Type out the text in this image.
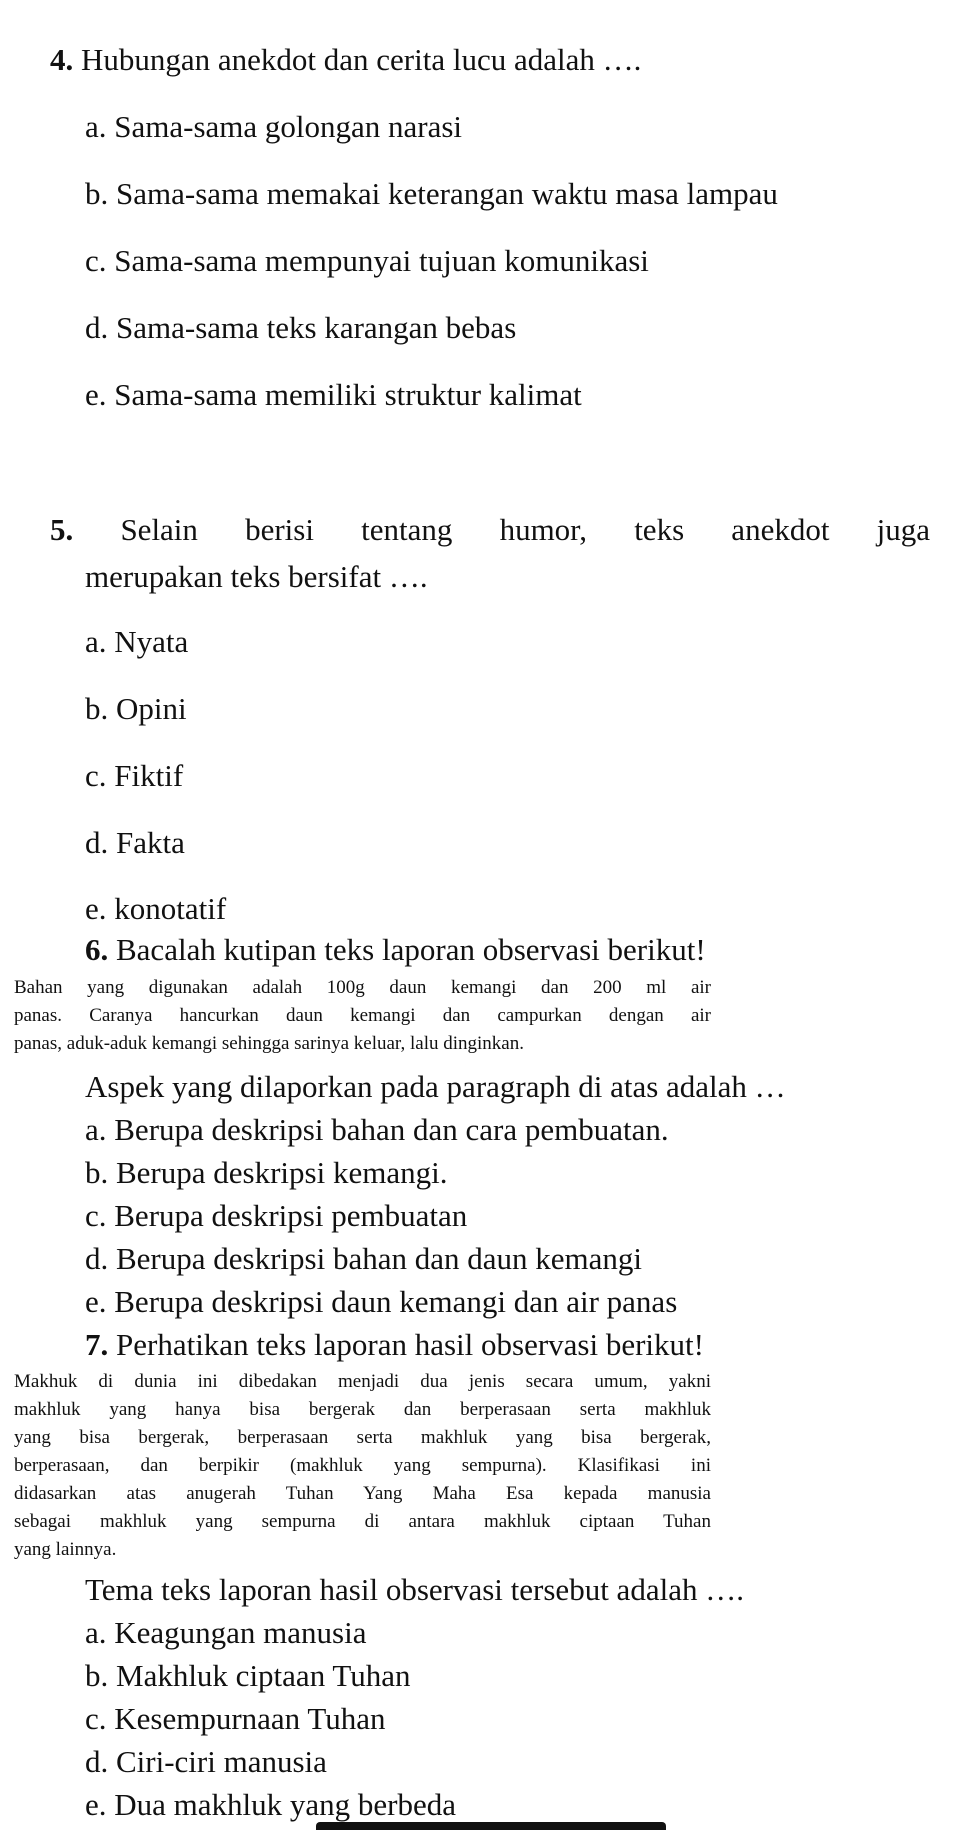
4. Hubungan anekdot dan cerita lucu adalah ….
a. Sama-sama golongan narasi
b. Sama-sama memakai keterangan waktu masa lampau
c. Sama-sama mempunyai tujuan komunikasi
d. Sama-sama teks karangan bebas
e. Sama-sama memiliki struktur kalimat
5. Selain berisi tentang humor, teks anekdot juga
merupakan teks bersifat ….
a. Nyata
b. Opini
c. Fiktif
d. Fakta
e. konotatif
6. Bacalah kutipan teks laporan observasi berikut!
Bahan yang digunakan adalah 100g daun kemangi dan 200 ml air
panas. Caranya hancurkan daun kemangi dan campurkan dengan air
panas, aduk-aduk kemangi sehingga sarinya keluar, lalu dinginkan.
Aspek yang dilaporkan pada paragraph di atas adalah …
a. Berupa deskripsi bahan dan cara pembuatan.
b. Berupa deskripsi kemangi.
c. Berupa deskripsi pembuatan
d. Berupa deskripsi bahan dan daun kemangi
e. Berupa deskripsi daun kemangi dan air panas
7. Perhatikan teks laporan hasil observasi berikut!
Makhuk di dunia ini dibedakan menjadi dua jenis secara umum, yakni
makhluk yang hanya bisa bergerak dan berperasaan serta makhluk
yang bisa bergerak, berperasaan serta makhluk yang bisa bergerak,
berperasaan, dan berpikir (makhluk yang sempurna). Klasifikasi ini
didasarkan atas anugerah Tuhan Yang Maha Esa kepada manusia
sebagai makhluk yang sempurna di antara makhluk ciptaan Tuhan
yang lainnya.
Tema teks laporan hasil observasi tersebut adalah ….
a. Keagungan manusia
b. Makhluk ciptaan Tuhan
c. Kesempurnaan Tuhan
d. Ciri-ciri manusia
e. Dua makhluk yang berbeda
